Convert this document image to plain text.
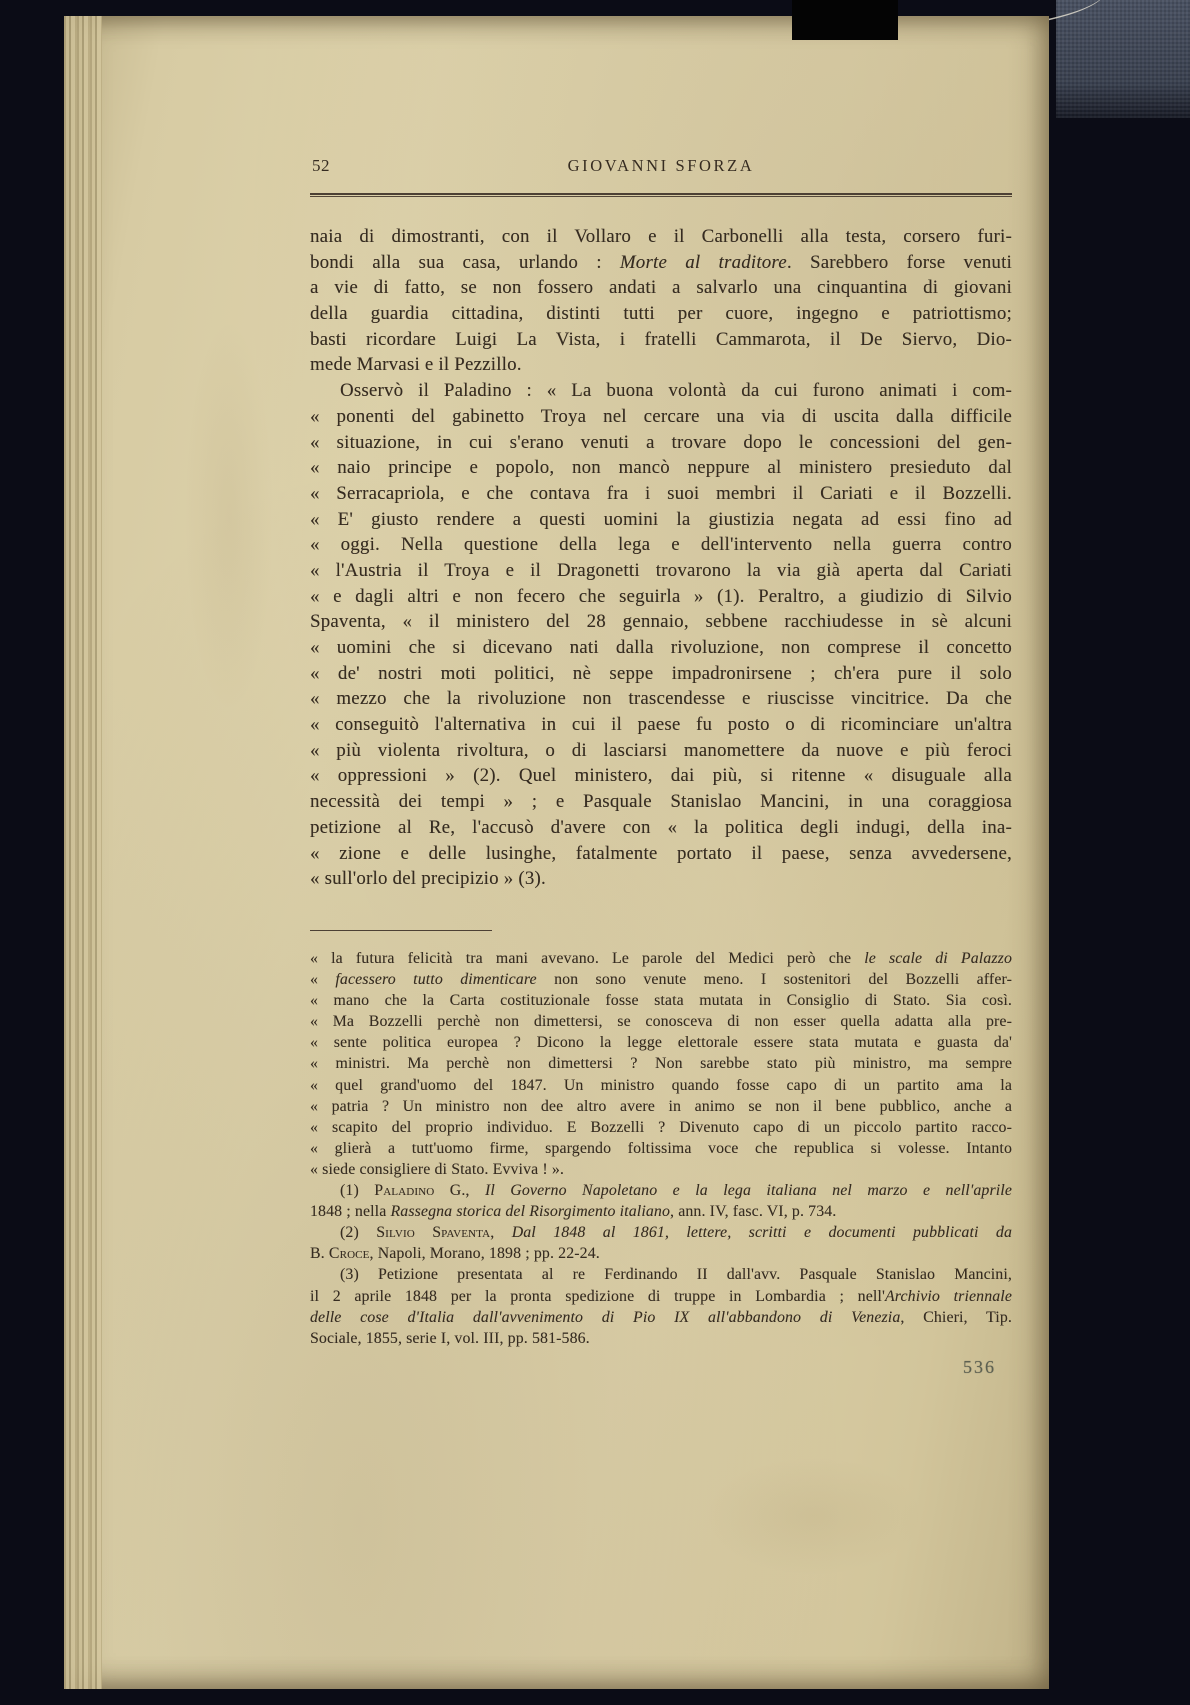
52	GIOVANNI SFORZA
naia di dimostranti, con il Vollaro e il Carbonelli alla testa, corsero furi-
bondi alla sua casa, urlando : Morte al traditore. Sarebbero forse venuti
a vie di fatto, se non fossero andati a salvarlo una cinquantina di giovani
della guardia cittadina, distinti tutti per cuore, ingegno e patriottismo;
basti ricordare Luigi La Vista, i fratelli Cammarota, il De Siervo, Dio-
mede Marvasi e il Pezzillo.
Osservò il Paladino : « La buona volontà da cui furono animati i com-
« ponenti del gabinetto Troya nel cercare una via di uscita dalla difficile
« situazione, in cui s'erano venuti a trovare dopo le concessioni del gen-
« naio principe e popolo, non mancò neppure al ministero presieduto dal
« Serracapriola, e che contava fra i suoi membri il Cariati e il Bozzelli.
« E' giusto rendere a questi uomini la giustizia negata ad essi fino ad
« oggi. Nella questione della lega e dell'intervento nella guerra contro
« l'Austria il Troya e il Dragonetti trovarono la via già aperta dal Cariati
« e dagli altri e non fecero che seguirla » (1). Peraltro, a giudizio di Silvio
Spaventa, « il ministero del 28 gennaio, sebbene racchiudesse in sè alcuni
« uomini che si dicevano nati dalla rivoluzione, non comprese il concetto
« de' nostri moti politici, nè seppe impadronirsene ; ch'era pure il solo
« mezzo che la rivoluzione non trascendesse e riuscisse vincitrice. Da che
« conseguitò l'alternativa in cui il paese fu posto o di ricominciare un'altra
« più violenta rivoltura, o di lasciarsi manomettere da nuove e più feroci
« oppressioni » (2). Quel ministero, dai più, si ritenne « disuguale alla
necessità dei tempi » ; e Pasquale Stanislao Mancini, in una coraggiosa
petizione al Re, l'accusò d'avere con « la politica degli indugi, della ina-
« zione e delle lusinghe, fatalmente portato il paese, senza avvedersene,
« sull'orlo del precipizio » (3).
« la futura felicità tra mani avevano. Le parole del Medici però che le scale di Palazzo
« facessero tutto dimenticare non sono venute meno. I sostenitori del Bozzelli affer-
« mano che la Carta costituzionale fosse stata mutata in Consiglio di Stato. Sia così.
« Ma Bozzelli perchè non dimettersi, se conosceva di non esser quella adatta alla pre-
« sente politica europea ? Dicono la legge elettorale essere stata mutata e guasta da'
« ministri. Ma perchè non dimettersi ? Non sarebbe stato più ministro, ma sempre
« quel grand'uomo del 1847. Un ministro quando fosse capo di un partito ama la
« patria ? Un ministro non dee altro avere in animo se non il bene pubblico, anche a
« scapito del proprio individuo. E Bozzelli ? Divenuto capo di un piccolo partito racco-
« glierà a tutt'uomo firme, spargendo foltissima voce che republica si volesse. Intanto
« siede consigliere di Stato. Evviva ! ».
(1) Paladino G., Il Governo Napoletano e la lega italiana nel marzo e nell'aprile
1848 ; nella Rassegna storica del Risorgimento italiano, ann. IV, fasc. VI, p. 734.
(2) Silvio Spaventa, Dal 1848 al 1861, lettere, scritti e documenti pubblicati da
B. Croce, Napoli, Morano, 1898 ; pp. 22-24.
(3) Petizione presentata al re Ferdinando II dall'avv. Pasquale Stanislao Mancini,
il 2 aprile 1848 per la pronta spedizione di truppe in Lombardia ; nell'Archivio triennale
delle cose d'Italia dall'avvenimento di Pio IX all'abbandono di Venezia, Chieri, Tip.
Sociale, 1855, serie I, vol. III, pp. 581-586.
536
